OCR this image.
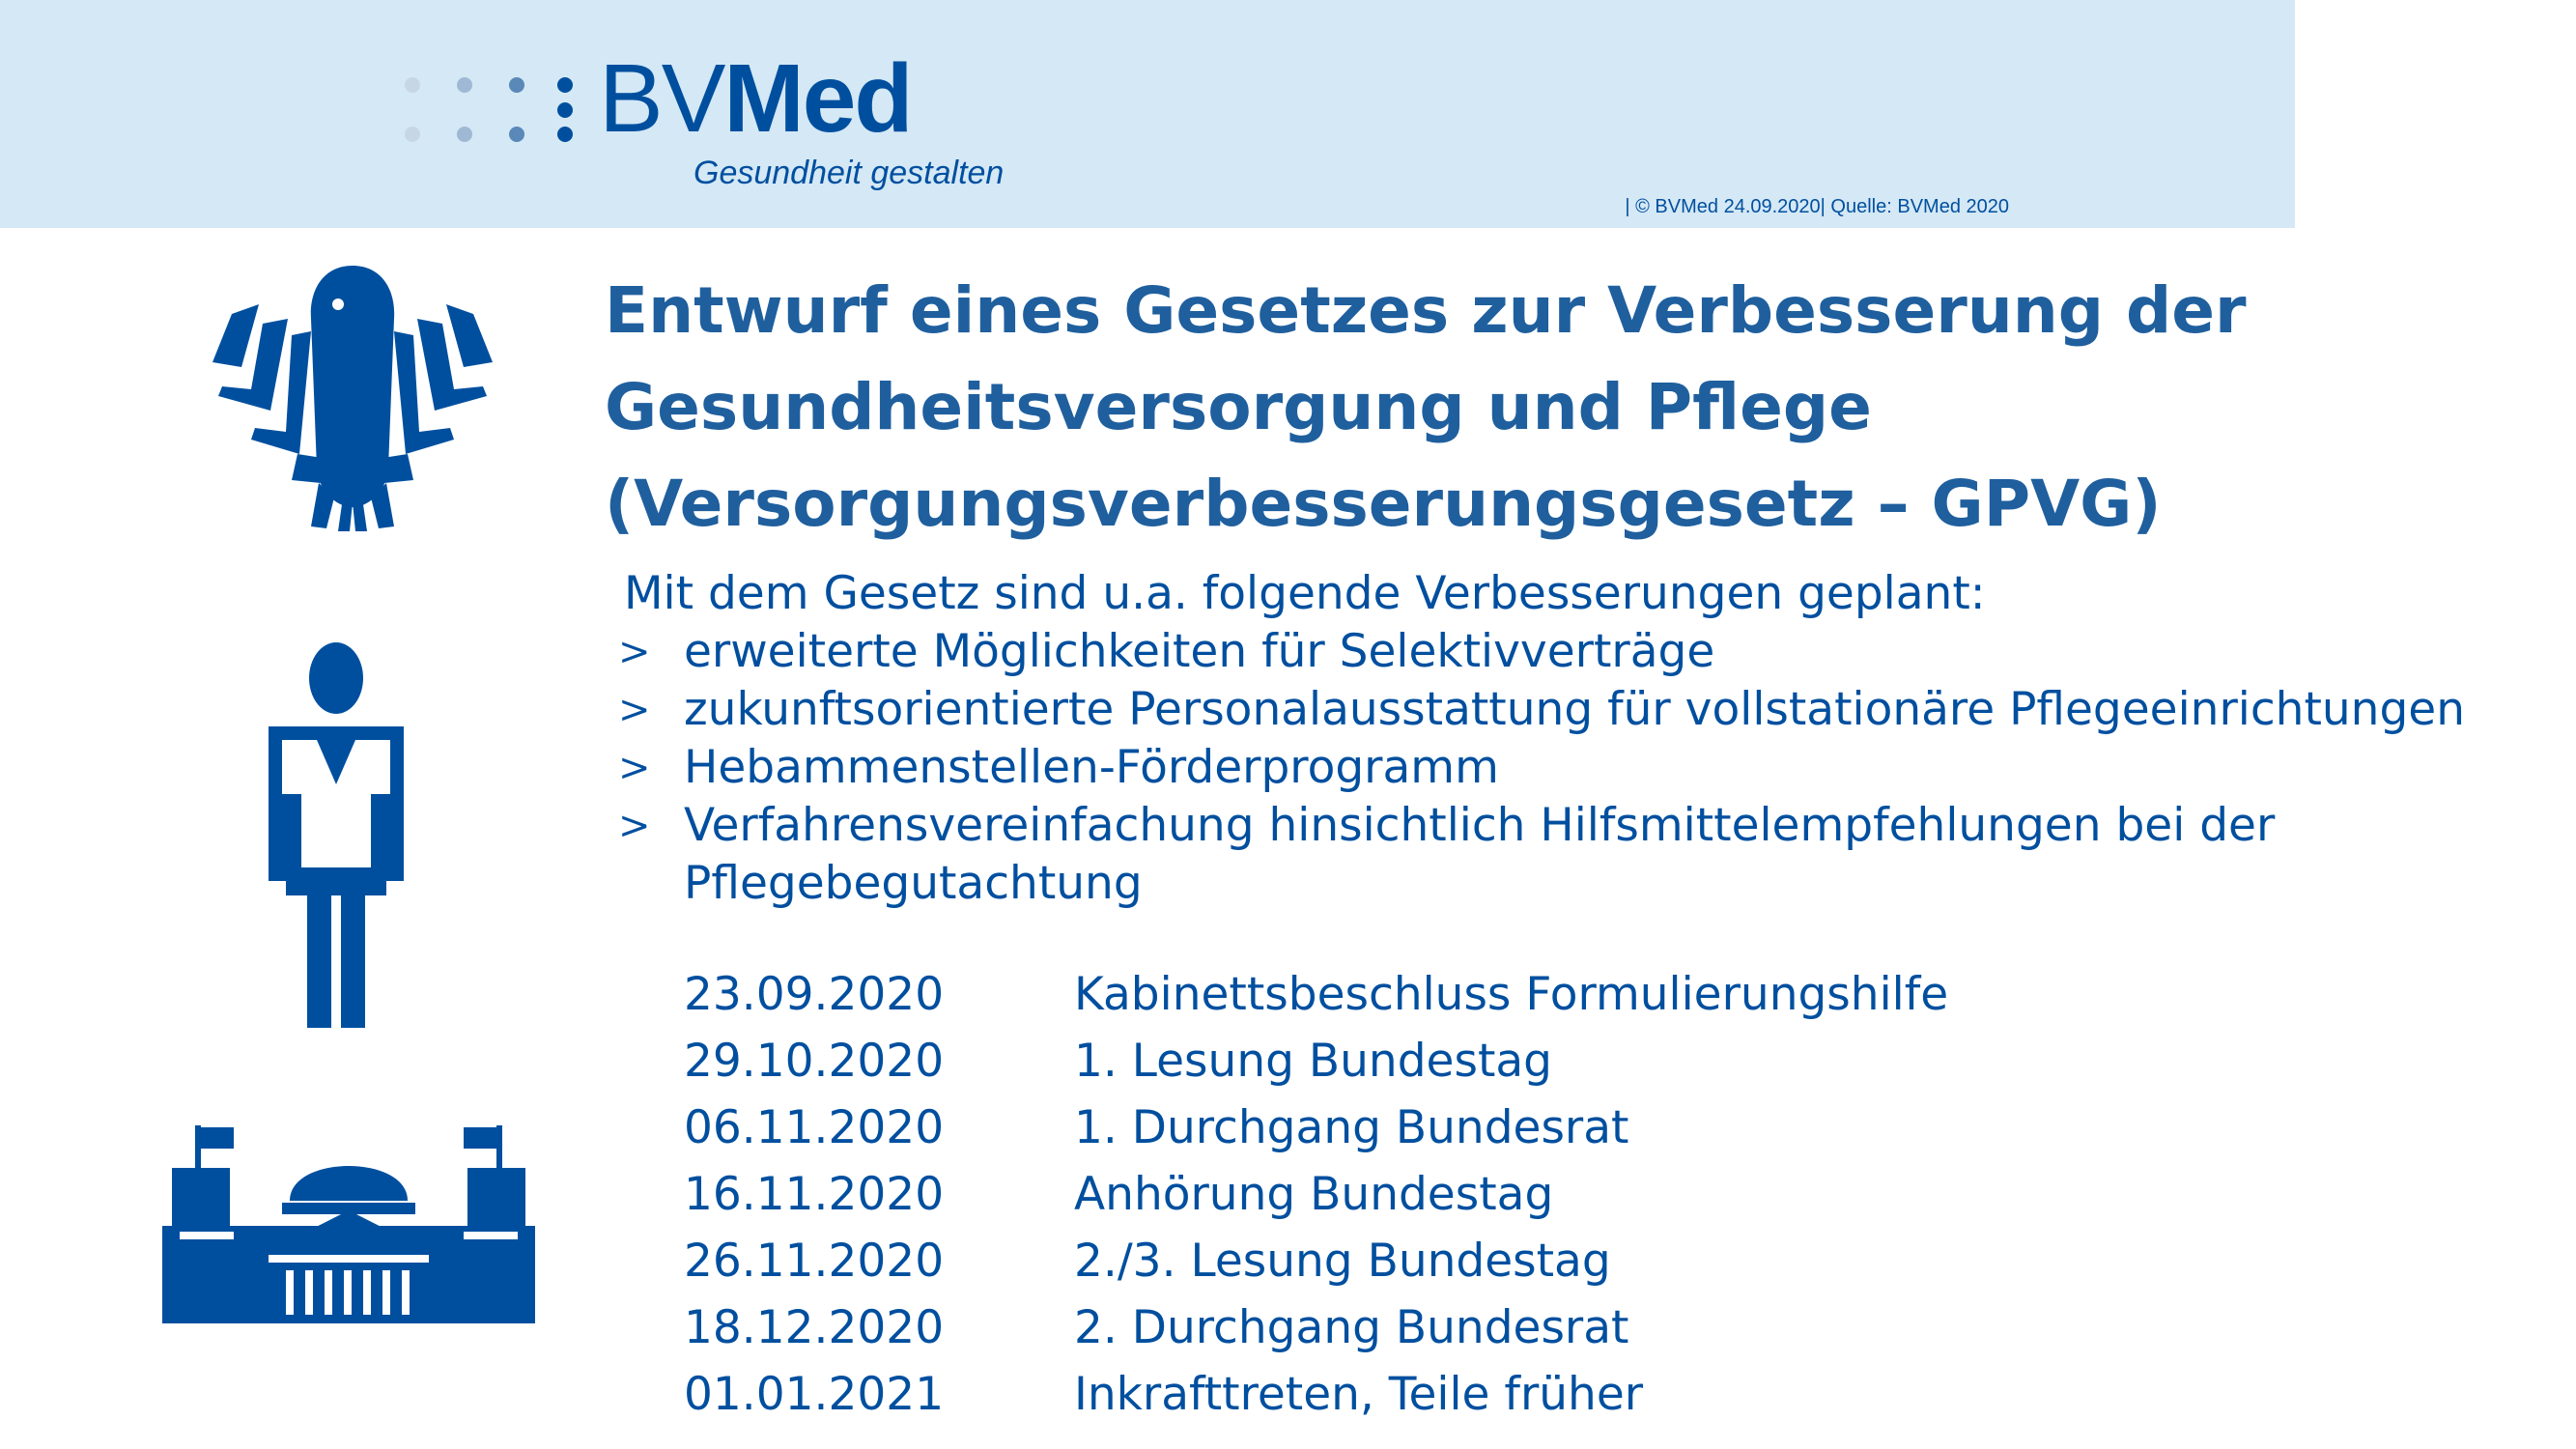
BVMed
Gesundheit gestalten
| © BVMed 24.09.2020| Quelle: BVMed 2020
Entwurf eines Gesetzes zur Verbesserung der
Gesundheitsversorgung und Pflege
(Versorgungsverbesserungsgesetz – GPVG)
Mit dem Gesetz sind u.a. folgende Verbesserungen geplant:
> erweiterte Möglichkeiten für Selektivverträge
> zukunftsorientierte Personalausstattung für vollstationäre Pflegeeinrichtungen
> Hebammenstellen-Förderprogramm
> Verfahrensvereinfachung hinsichtlich Hilfsmittelempfehlungen bei der
Pflegebegutachtung
23.09.2020	Kabinettsbeschluss Formulierungshilfe
29.10.2020	1. Lesung Bundestag
06.11.2020	1. Durchgang Bundesrat
16.11.2020	Anhörung Bundestag
26.11.2020	2./3. Lesung Bundestag
18.12.2020	2. Durchgang Bundesrat
01.01.2021	Inkrafttreten, Teile früher
